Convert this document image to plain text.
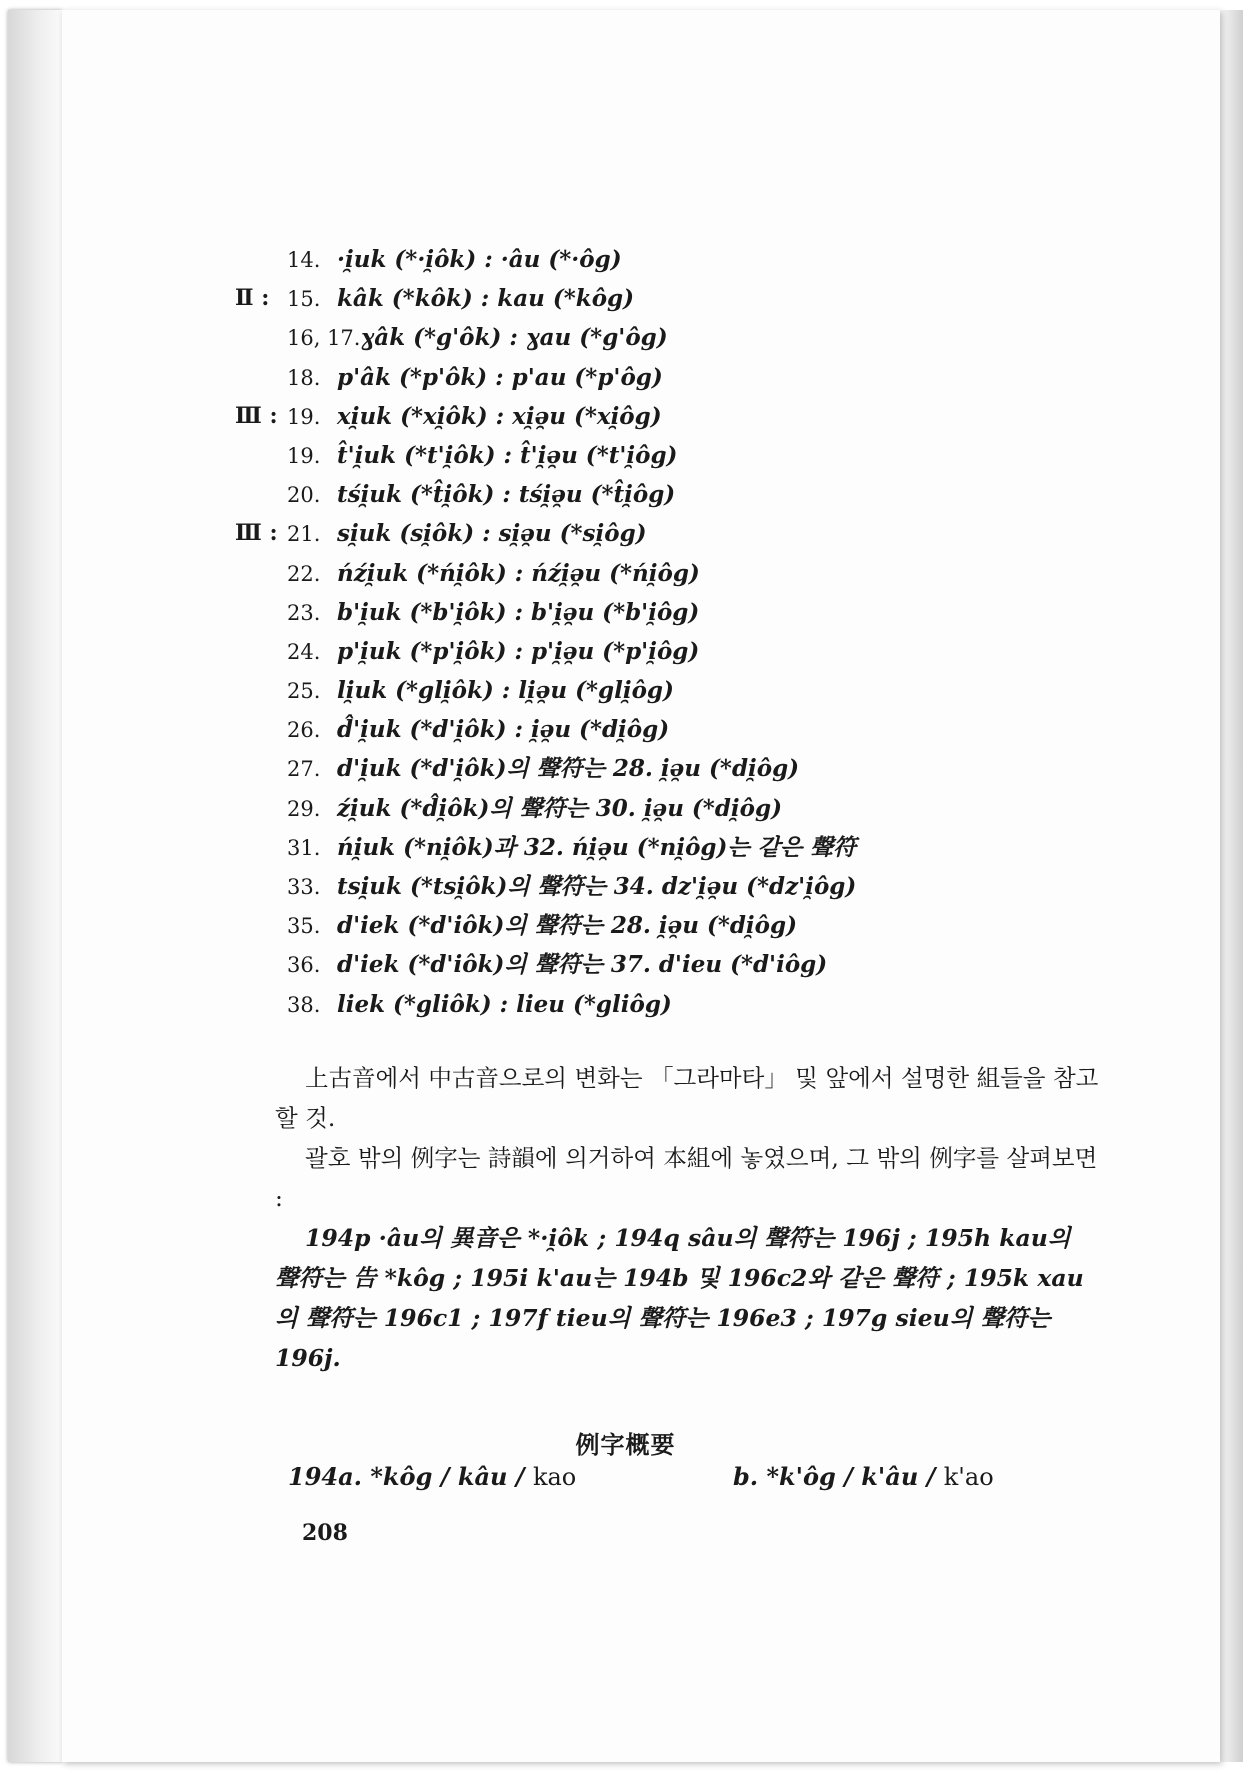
14. ·i̯uk (*·i̯ôk) : ·âu (*·ôg)
Ⅱ : 15. kâk (*kôk) : kau (*kôg)
16, 17.ɣâk (*g'ôk) : ɣau (*g'ôg)
18. p'âk (*p'ôk) : p'au (*p'ôg)
Ⅲ : 19. xi̯uk (*xi̯ôk) : xi̯ə̯u (*xi̯ôg)
19. t̂'i̯uk (*t'i̯ôk) : t̂'i̯ə̯u (*t'i̯ôg)
20. tśi̯uk (*t̂i̯ôk) : tśi̯ə̯u (*t̂i̯ôg)
Ⅲ : 21. si̯uk (si̯ôk) : si̯ə̯u (*si̯ôg)
22. ńźi̯uk (*ńi̯ôk) : ńźi̯ə̯u (*ńi̯ôg)
23. b'i̯uk (*b'i̯ôk) : b'i̯ə̯u (*b'i̯ôg)
24. p'i̯uk (*p'i̯ôk) : p'i̯ə̯u (*p'i̯ôg)
25. li̯uk (*gli̯ôk) : li̯ə̯u (*gli̯ôg)
26. d̂'i̯uk (*d'i̯ôk) : i̯ə̯u (*di̯ôg)
27. d'i̯uk (*d'i̯ôk)의 聲符는 28. i̯ə̯u (*di̯ôg)
29. źi̯uk (*d̂i̯ôk)의 聲符는 30. i̯ə̯u (*di̯ôg)
31. ńi̯uk (*ni̯ôk)과 32. ńi̯ə̯u (*ni̯ôg)는 같은 聲符
33. tsi̯uk (*tsi̯ôk)의 聲符는 34. dz'i̯ə̯u (*dz'i̯ôg)
35. d'iek (*d'iôk)의 聲符는 28. i̯ə̯u (*di̯ôg)
36. d'iek (*d'iôk)의 聲符는 37. d'ieu (*d'iôg)
38. liek (*gliôk) : lieu (*gliôg)

上古音에서 中古音으로의 변화는 「그라마타」 및 앞에서 설명한 組들을 참고할 것.

괄호 밖의 例字는 詩韻에 의거하여 本組에 놓였으며, 그 밖의 例字를 살펴보면 :

194p ·âu의 異音은 *·i̯ôk ; 194q sâu의 聲符는 196j ; 195h kau의 聲符는 告 *kôg ; 195i k'au는 194b 및 196c2와 같은 聲符 ; 195k xau의 聲符는 196c1 ; 197f tieu의 聲符는 196e3 ; 197g sieu의 聲符는 196j.

例字概要
194a. *kôg / kâu / kao	b. *k'ôg / k'âu / k'ao
208
